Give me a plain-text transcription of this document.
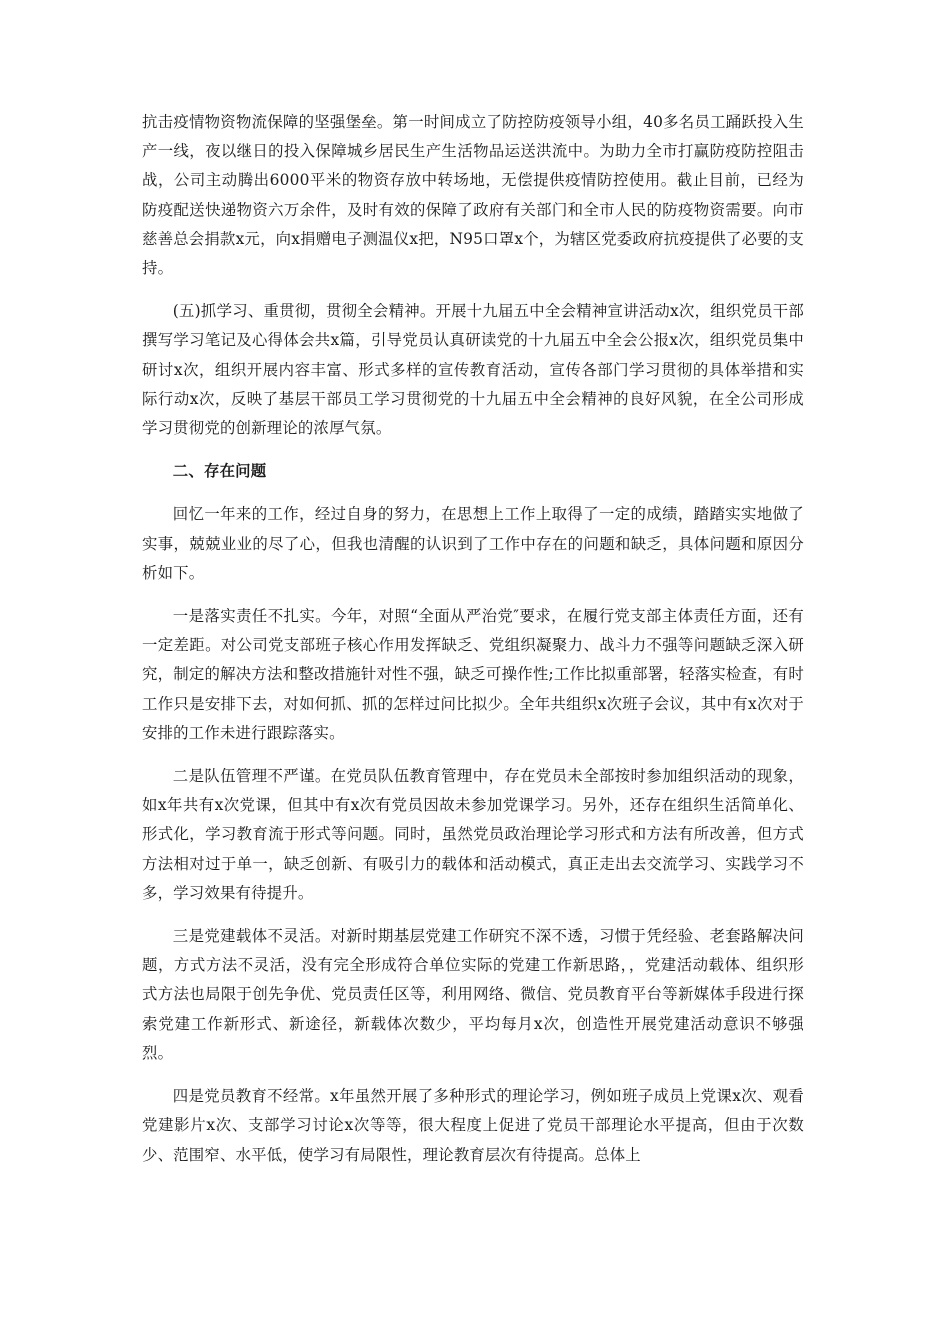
抗击疫情物资物流保障的坚强堡垒。第一时间成立了防控防疫领导小组，40多名员工踊跃投入生产一线，夜以继日的投入保障城乡居民生产生活物品运送洪流中。为助力全市打赢防疫防控阻击战，公司主动腾出6000平米的物资存放中转场地，无偿提供疫情防控使用。截止目前，已经为防疫配送快递物资六万余件，及时有效的保障了政府有关部门和全市人民的防疫物资需要。向市慈善总会捐款x元，向x捐赠电子测温仪x把，N95口罩x个，为辖区党委政府抗疫提供了必要的支持。

(五)抓学习、重贯彻，贯彻全会精神。开展十九届五中全会精神宣讲活动x次，组织党员干部撰写学习笔记及心得体会共x篇，引导党员认真研读党的十九届五中全会公报x次，组织党员集中研讨x次，组织开展内容丰富、形式多样的宣传教育活动，宣传各部门学习贯彻的具体举措和实际行动x次，反映了基层干部员工学习贯彻党的十九届五中全会精神的良好风貌，在全公司形成学习贯彻党的创新理论的浓厚气氛。

二、存在问题

回忆一年来的工作，经过自身的努力，在思想上工作上取得了一定的成绩，踏踏实实地做了实事，兢兢业业的尽了心，但我也清醒的认识到了工作中存在的问题和缺乏，具体问题和原因分析如下。

一是落实责任不扎实。今年，对照“全面从严治党″要求，在履行党支部主体责任方面，还有一定差距。对公司党支部班子核心作用发挥缺乏、党组织凝聚力、战斗力不强等问题缺乏深入研究，制定的解决方法和整改措施针对性不强，缺乏可操作性;工作比拟重部署，轻落实检查，有时工作只是安排下去，对如何抓、抓的怎样过问比拟少。全年共组织x次班子会议，其中有x次对于安排的工作未进行跟踪落实。

二是队伍管理不严谨。在党员队伍教育管理中，存在党员未全部按时参加组织活动的现象，如x年共有x次党课，但其中有x次有党员因故未参加党课学习。另外，还存在组织生活简单化、形式化，学习教育流于形式等问题。同时，虽然党员政治理论学习形式和方法有所改善，但方式方法相对过于单一，缺乏创新、有吸引力的载体和活动模式，真正走出去交流学习、实践学习不多，学习效果有待提升。

三是党建载体不灵活。对新时期基层党建工作研究不深不透，习惯于凭经验、老套路解决问题，方式方法不灵活，没有完全形成符合单位实际的党建工作新思路，，党建活动载体、组织形式方法也局限于创先争优、党员责任区等，利用网络、微信、党员教育平台等新媒体手段进行探索党建工作新形式、新途径，新载体次数少，平均每月x次，创造性开展党建活动意识不够强烈。

四是党员教育不经常。x年虽然开展了多种形式的理论学习，例如班子成员上党课x次、观看党建影片x次、支部学习讨论x次等等，很大程度上促进了党员干部理论水平提高，但由于次数少、范围窄、水平低，使学习有局限性，理论教育层次有待提高。总体上
